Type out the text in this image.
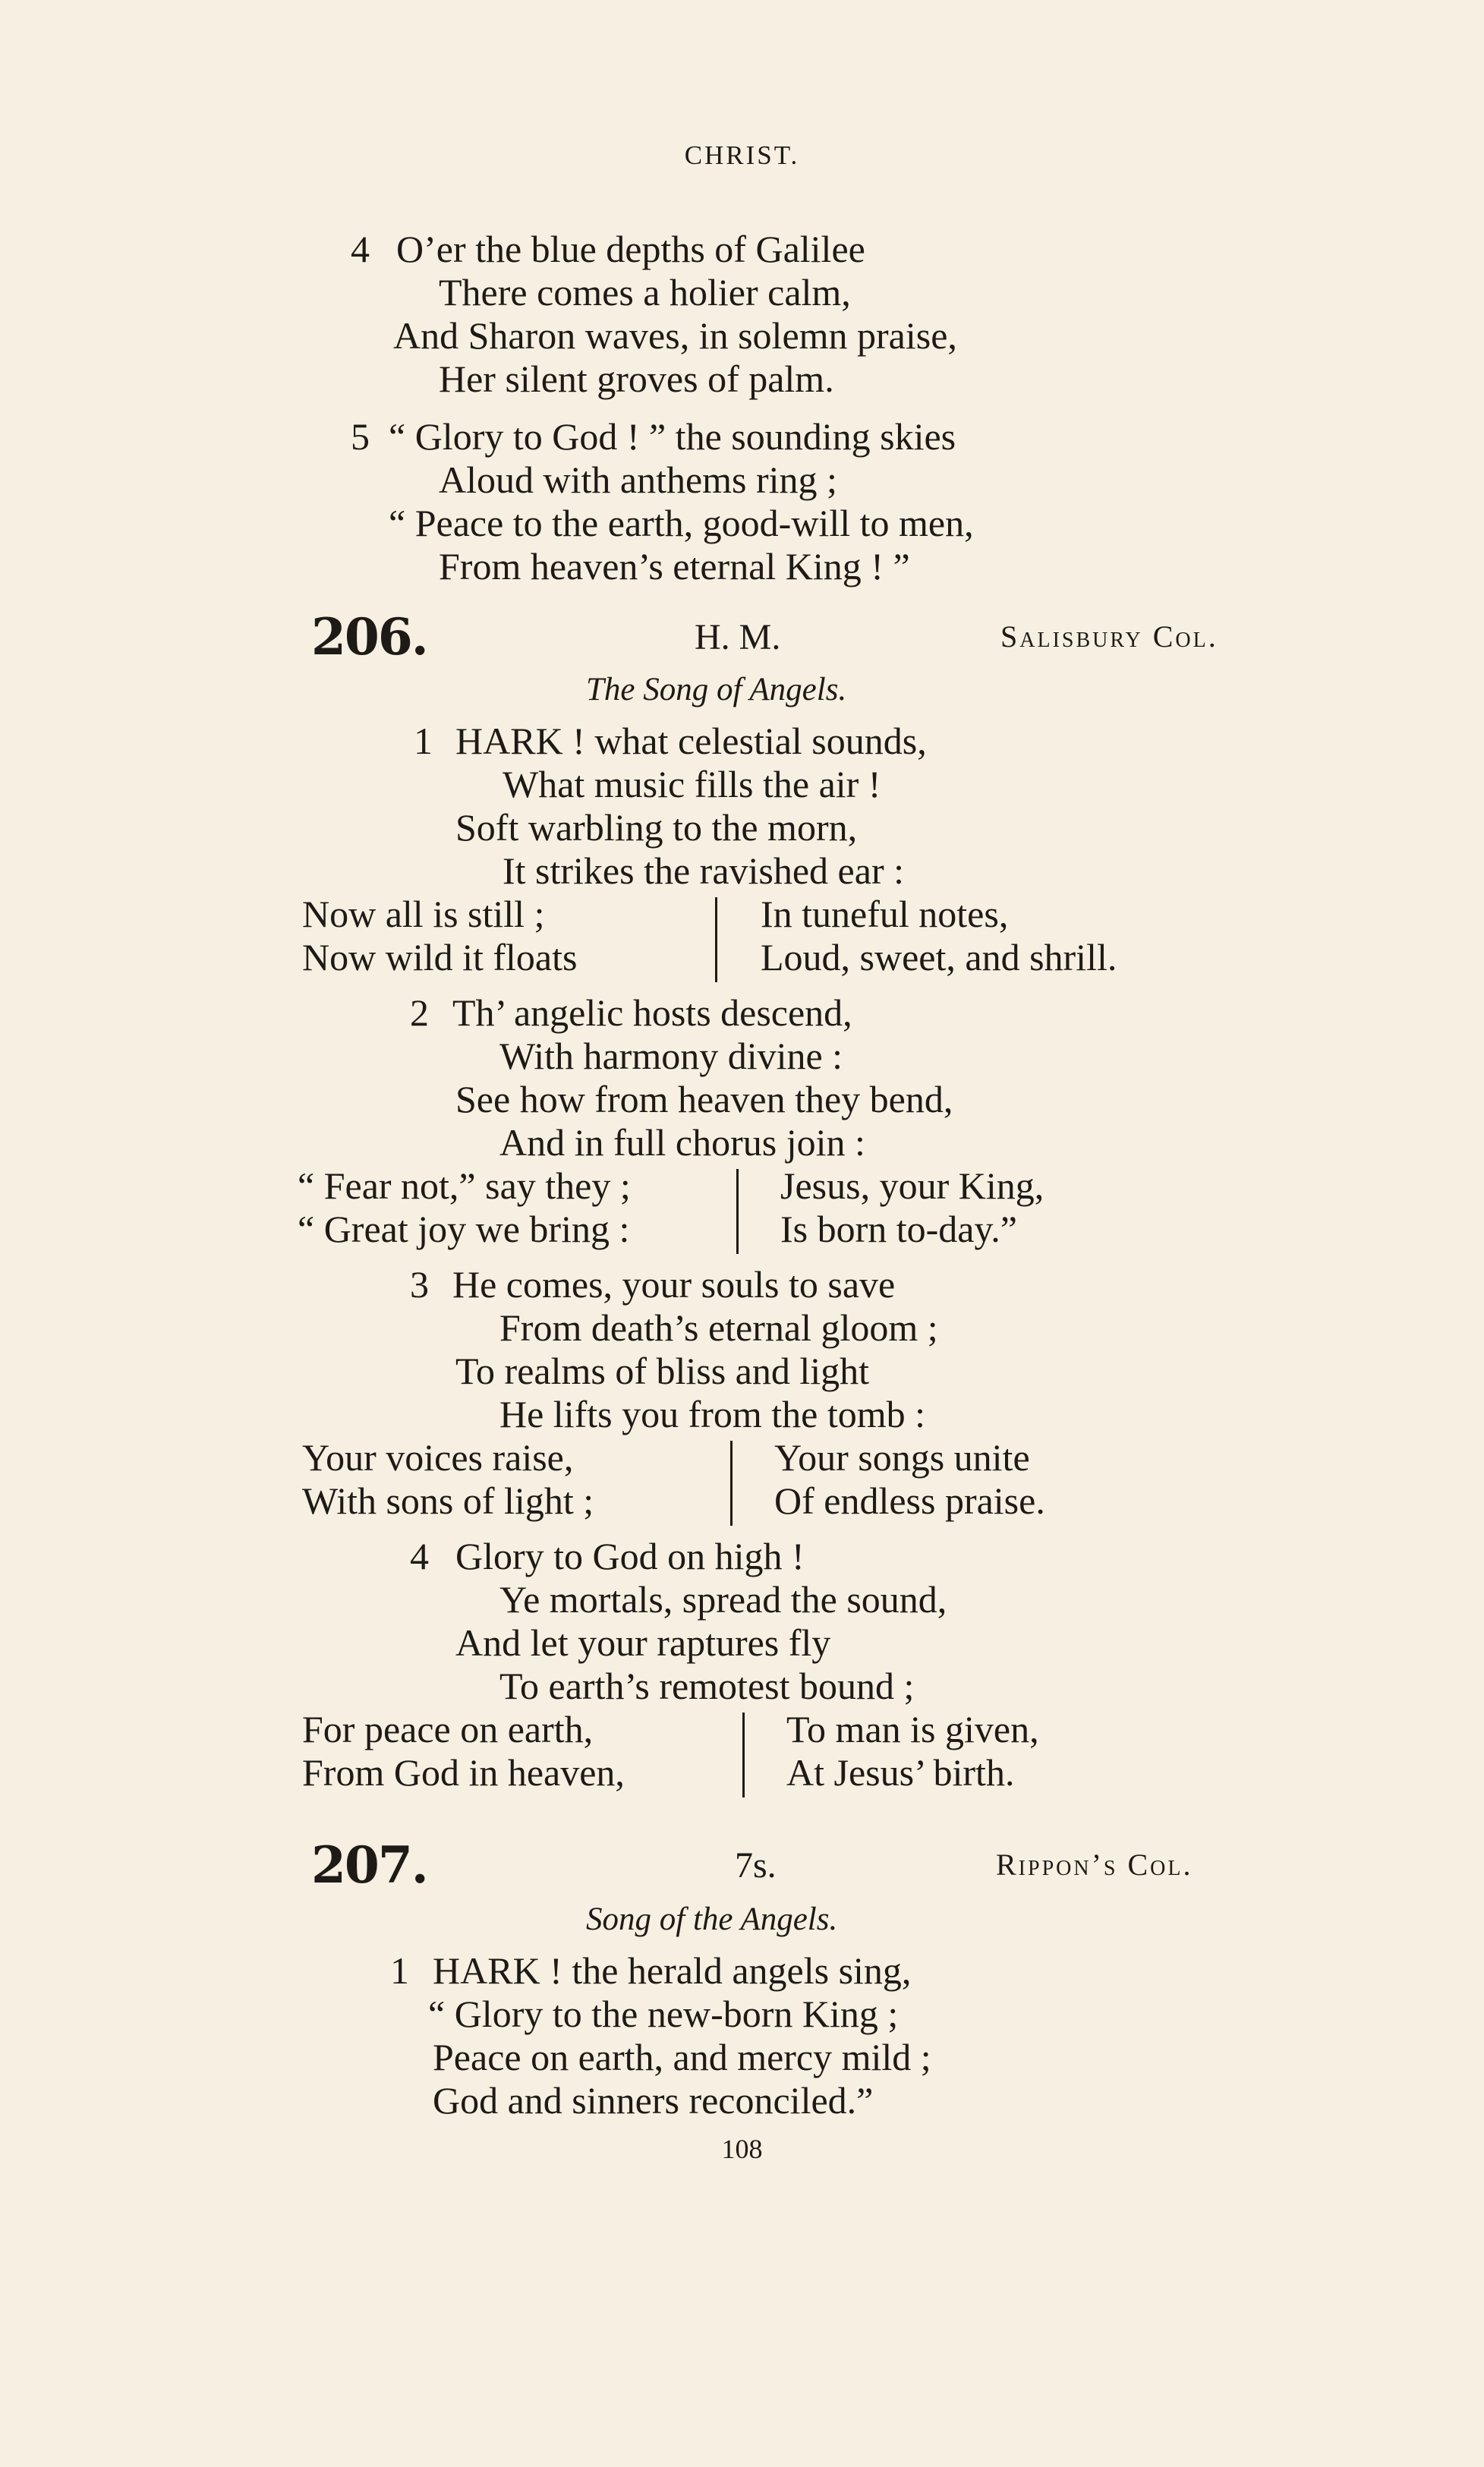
CHRIST.
4 O’er the blue depths of Galilee
There comes a holier calm,
And Sharon waves, in solemn praise,
Her silent groves of palm.
5 “ Glory to God ! ” the sounding skies
Aloud with anthems ring ;
“ Peace to the earth, good-will to men,
From heaven’s eternal King ! ”
206.	H. M.	Salisbury Col.
The Song of Angels.
1 HARK ! what celestial sounds,
What music fills the air !
Soft warbling to the morn,
It strikes the ravished ear :
Now all is still ;
Now wild it floats
In tuneful notes,
Loud, sweet, and shrill.
2 Th’ angelic hosts descend,
With harmony divine :
See how from heaven they bend,
And in full chorus join :
“ Fear not,” say they ;
“ Great joy we bring :
Jesus, your King,
Is born to-day.”
3 He comes, your souls to save
From death’s eternal gloom ;
To realms of bliss and light
He lifts you from the tomb :
Your voices raise,
With sons of light ;
Your songs unite
Of endless praise.
4 Glory to God on high !
Ye mortals, spread the sound,
And let your raptures fly
To earth’s remotest bound ;
For peace on earth,
From God in heaven,
To man is given,
At Jesus’ birth.
207.	7s.	Rippon’s Col.
Song of the Angels.
1 HARK ! the herald angels sing,
“ Glory to the new-born King ;
Peace on earth, and mercy mild ;
God and sinners reconciled.”
108
